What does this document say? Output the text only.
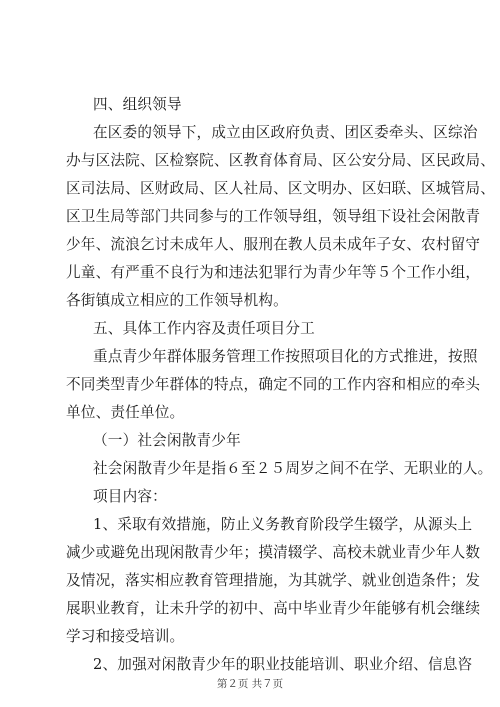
四、组织领导
在区委的领导下，成立由区政府负责、团区委牵头、区综治
办与区法院、区检察院、区教育体育局、区公安分局、区民政局、
区司法局、区财政局、区人社局、区文明办、区妇联、区城管局、
区卫生局等部门共同参与的工作领导组，领导组下设社会闲散青
少年、流浪乞讨未成年人、服刑在教人员未成年子女、农村留守
儿童、有严重不良行为和违法犯罪行为青少年等５个工作小组，
各街镇成立相应的工作领导机构。
五、具体工作内容及责任项目分工
重点青少年群体服务管理工作按照项目化的方式推进，按照
不同类型青少年群体的特点，确定不同的工作内容和相应的牵头
单位、责任单位。
（一）社会闲散青少年
社会闲散青少年是指６至２５周岁之间不在学、无职业的人。
项目内容：
1、采取有效措施，防止义务教育阶段学生辍学，从源头上
减少或避免出现闲散青少年；摸清辍学、高校未就业青少年人数
及情况，落实相应教育管理措施，为其就学、就业创造条件；发
展职业教育，让未升学的初中、高中毕业青少年能够有机会继续
学习和接受培训。
2、加强对闲散青少年的职业技能培训、职业介绍、信息咨
第２页 共７页
